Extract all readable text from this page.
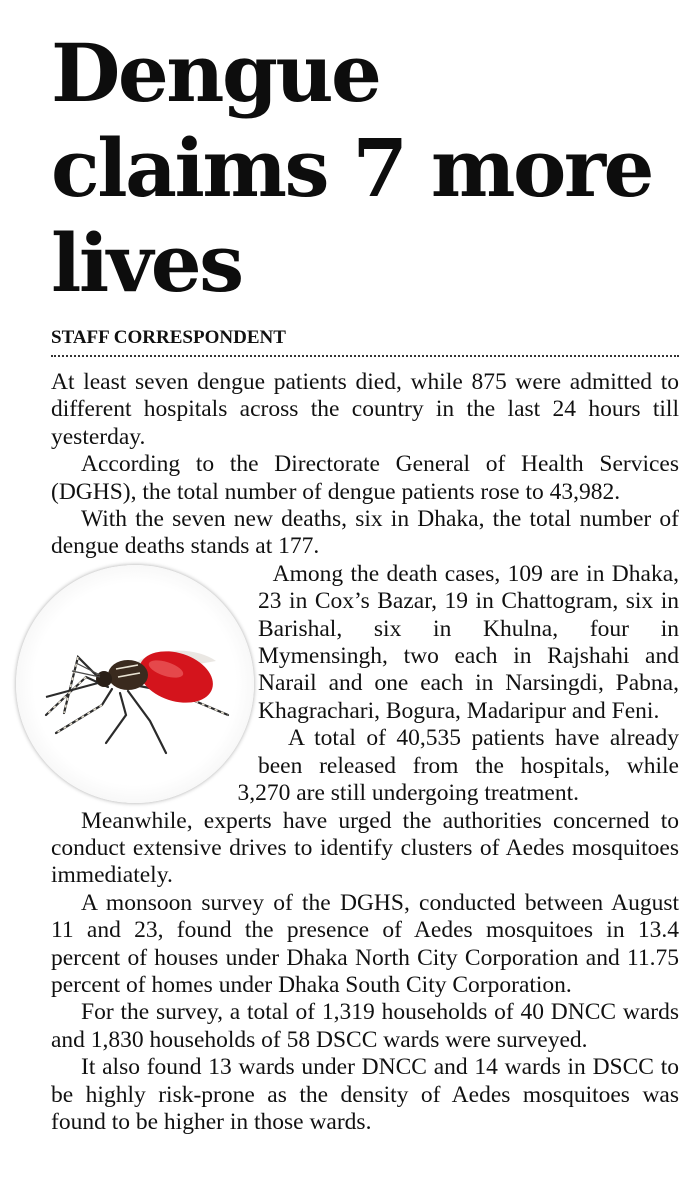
Dengue claims 7 more lives
STAFF CORRESPONDENT

At least seven dengue patients died, while 875 were admitted to different hospitals across the country in the last 24 hours till yesterday.

According to the Directorate General of Health Services (DGHS), the total number of dengue patients rose to 43,982.

With the seven new deaths, six in Dhaka, the total number of dengue deaths stands at 177.

Among the death cases, 109 are in Dhaka, 23 in Cox’s Bazar, 19 in Chattogram, six in Barishal, six in Khulna, four in Mymensingh, two each in Rajshahi and Narail and one each in Narsingdi, Pabna, Khagrachari, Bogura, Madaripur and Feni.

A total of 40,535 patients have already been released from the hospitals, while 3,270 are still undergoing treatment.

Meanwhile, experts have urged the authorities concerned to conduct extensive drives to identify clusters of Aedes mosquitoes immediately.

A monsoon survey of the DGHS, conducted between August 11 and 23, found the presence of Aedes mosquitoes in 13.4 percent of houses under Dhaka North City Corporation and 11.75 percent of homes under Dhaka South City Corporation.

For the survey, a total of 1,319 households of 40 DNCC wards and 1,830 households of 58 DSCC wards were surveyed.

It also found 13 wards under DNCC and 14 wards in DSCC to be highly risk-prone as the density of Aedes mosquitoes was found to be higher in those wards.
